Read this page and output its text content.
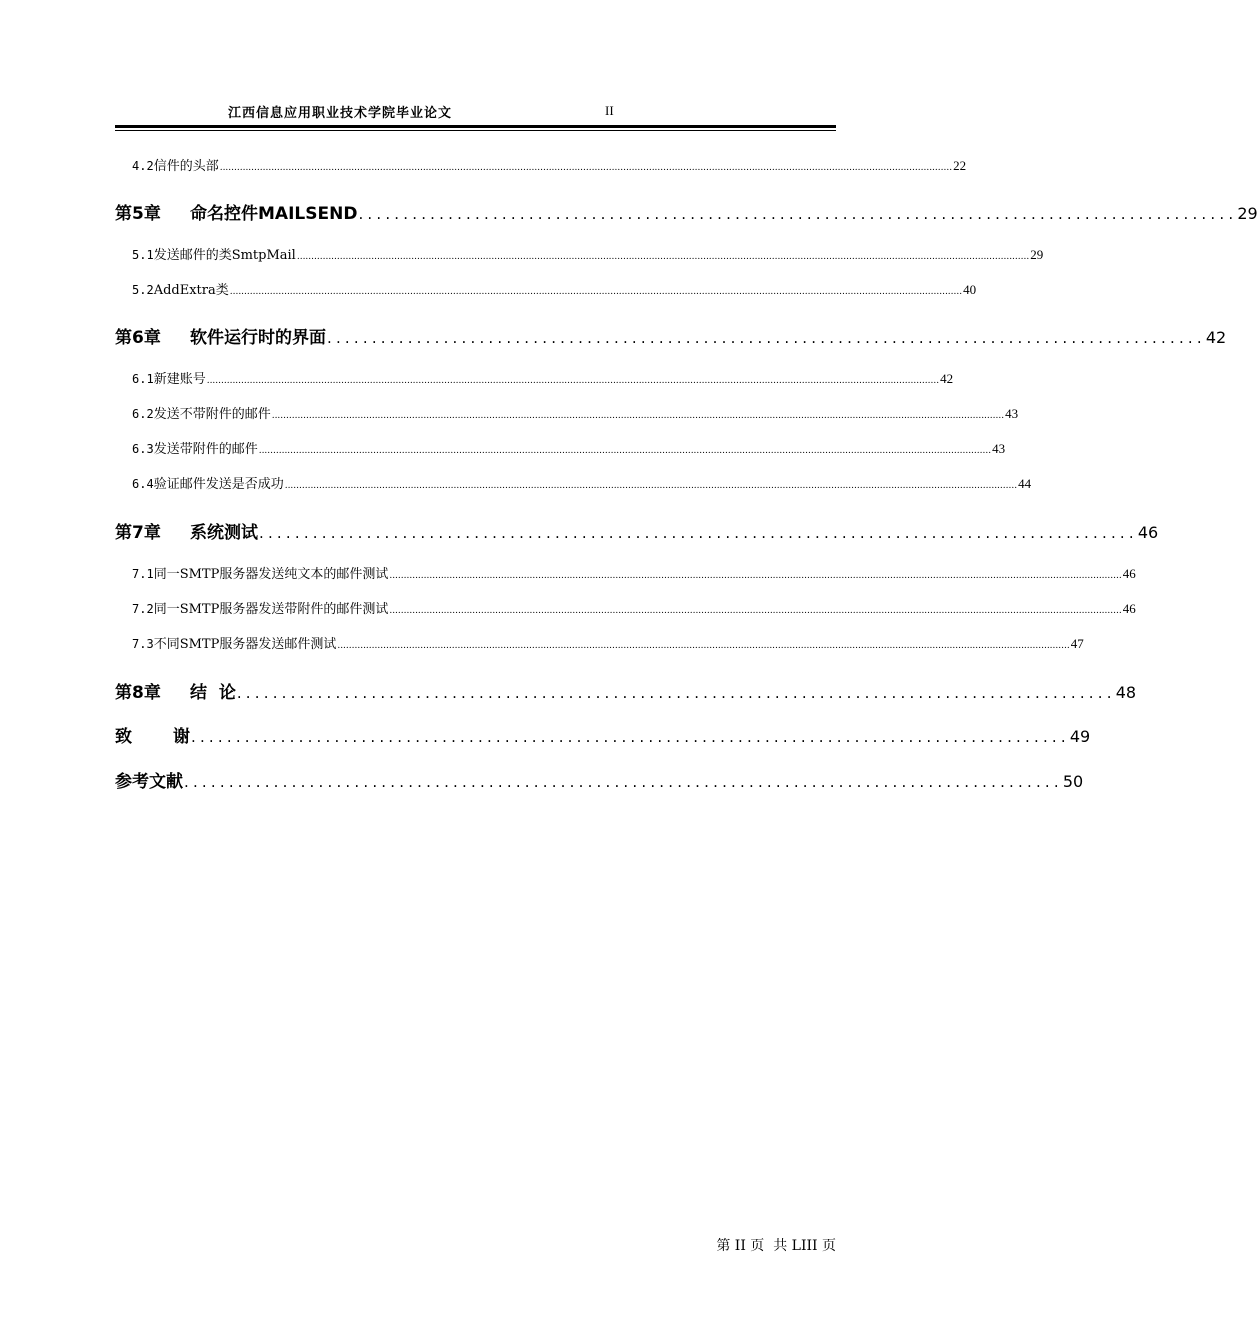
江西信息应用职业技术学院毕业论文	II
4.2 信件的头部 ................................................................................................................................................................................................................................................................ 22
第5章	命名控件MAILSEND .................................................................................................. 29
5.1 发送邮件的类SmtpMail ................................................................................................................................................................................................................................................................ 29
5.2 AddExtra类 ................................................................................................................................................................................................................................................................ 40
第6章	软件运行时的界面 .................................................................................................. 42
6.1 新建账号 ................................................................................................................................................................................................................................................................ 42
6.2 发送不带附件的邮件 ................................................................................................................................................................................................................................................................ 43
6.3 发送带附件的邮件 ................................................................................................................................................................................................................................................................ 43
6.4 验证邮件发送是否成功 ................................................................................................................................................................................................................................................................ 44
第7章	系统测试 .................................................................................................. 46
7.1 同一SMTP服务器发送纯文本的邮件测试 ................................................................................................................................................................................................................................................................ 46
7.2 同一SMTP服务器发送带附件的邮件测试 ................................................................................................................................................................................................................................................................ 46
7.3 不同SMTP服务器发送邮件测试 ................................................................................................................................................................................................................................................................ 47
第8章	结  论 .................................................................................................. 48
致	谢 .................................................................................................. 49
参考文献 .................................................................................................. 50
第 II 页  共 LIII 页
